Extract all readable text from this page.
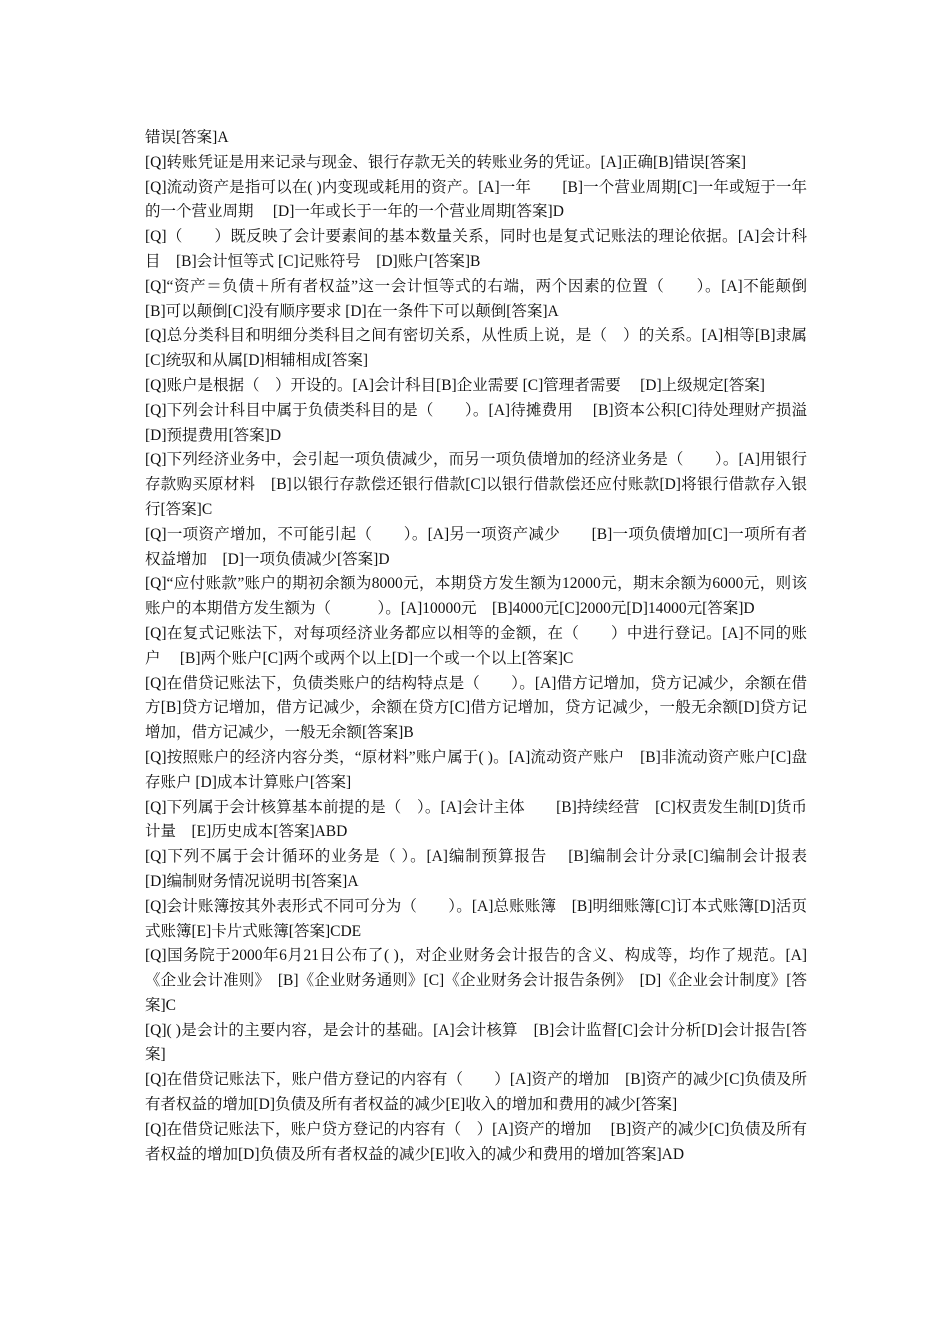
错误[答案]A

[Q]转账凭证是用来记录与现金、银行存款无关的转账业务的凭证。[A]正确[B]错误[答案]

[Q]流动资产是指可以在( )内变现或耗用的资产。[A]一年　　[B]一个营业周期[C]一年或短于一年的一个营业周期　 [D]一年或长于一年的一个营业周期[答案]D

[Q]（　　）既反映了会计要素间的基本数量关系，同时也是复式记账法的理论依据。[A]会计科目　[B]会计恒等式 [C]记账符号　[D]账户[答案]B

[Q]“资产＝负债＋所有者权益”这一会计恒等式的右端，两个因素的位置（　　）。[A]不能颠倒　 [B]可以颠倒[C]没有顺序要求 [D]在一条件下可以颠倒[答案]A

[Q]总分类科目和明细分类科目之间有密切关系，从性质上说，是（　）的关系。[A]相等[B]隶属 [C]统驭和从属[D]相辅相成[答案]

[Q]账户是根据（　）开设的。[A]会计科目[B]企业需要 [C]管理者需要　 [D]上级规定[答案]

[Q]下列会计科目中属于负债类科目的是（　　）。[A]待摊费用　 [B]资本公积[C]待处理财产损溢　 [D]预提费用[答案]D

[Q]下列经济业务中，会引起一项负债减少，而另一项负债增加的经济业务是（　　）。[A]用银行存款购买原材料　[B]以银行存款偿还银行借款[C]以银行借款偿还应付账款[D]将银行借款存入银行[答案]C

[Q]一项资产增加，不可能引起（　　）。[A]另一项资产减少　　[B]一项负债增加[C]一项所有者权益增加　[D]一项负债减少[答案]D

[Q]“应付账款”账户的期初余额为8000元，本期贷方发生额为12000元，期末余额为6000元，则该账户的本期借方发生额为（　　　）。[A]10000元　[B]4000元[C]2000元[D]14000元[答案]D

[Q]在复式记账法下，对每项经济业务都应以相等的金额，在（　　）中进行登记。[A]不同的账户　 [B]两个账户[C]两个或两个以上[D]一个或一个以上[答案]C

[Q]在借贷记账法下，负债类账户的结构特点是（　　）。[A]借方记增加，贷方记减少，余额在借方[B]贷方记增加，借方记减少，余额在贷方[C]借方记增加，贷方记减少，一般无余额[D]贷方记增加，借方记减少，一般无余额[答案]B

[Q]按照账户的经济内容分类，“原材料”账户属于( )。[A]流动资产账户　[B]非流动资产账户[C]盘存账户 [D]成本计算账户[答案]

[Q]下列属于会计核算基本前提的是（　）。[A]会计主体　　[B]持续经营　[C]权责发生制[D]货币计量　[E]历史成本[答案]ABD

[Q]下列不属于会计循环的业务是（ ）。[A]编制预算报告　 [B]编制会计分录[C]编制会计报表　 [D]编制财务情况说明书[答案]A

[Q]会计账簿按其外表形式不同可分为（　　）。[A]总账账簿　[B]明细账簿[C]订本式账簿[D]活页式账簿[E]卡片式账簿[答案]CDE

[Q]国务院于2000年6月21日公布了( )，对企业财务会计报告的含义、构成等，均作了规范。[A]《企业会计准则》　[B]《企业财务通则》[C]《企业财务会计报告条例》　[D]《企业会计制度》[答案]C

[Q]( )是会计的主要内容，是会计的基础。[A]会计核算　[B]会计监督[C]会计分析[D]会计报告[答案]

[Q]在借贷记账法下，账户借方登记的内容有（　　）[A]资产的增加　[B]资产的减少[C]负债及所有者权益的增加[D]负债及所有者权益的减少[E]收入的增加和费用的减少[答案]

[Q]在借贷记账法下，账户贷方登记的内容有（　）[A]资产的增加　 [B]资产的减少[C]负债及所有者权益的增加[D]负债及所有者权益的减少[E]收入的减少和费用的增加[答案]AD
